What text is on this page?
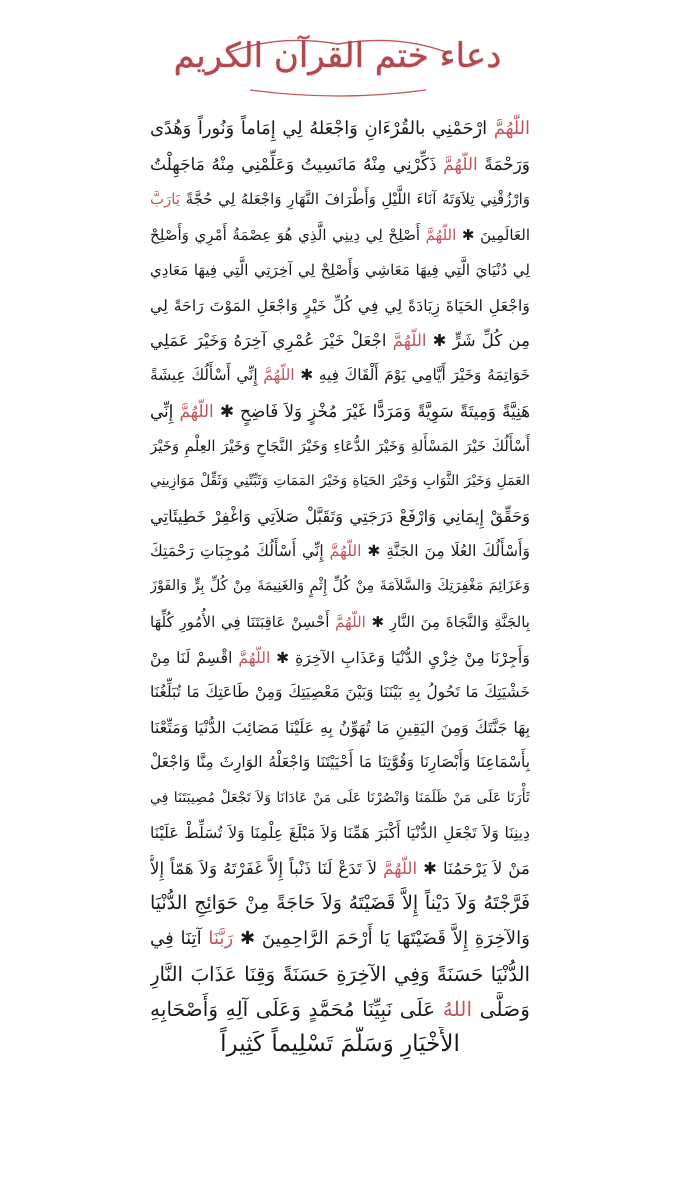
دعاء ختم القرآن الكريم
اللّهُمَّ ارْحَمْنِي بالقُرْءَانِ وَاجْعَلهُ لِي إِمَاماً وَنُوراً وَهُدًى
وَرَحْمَةً اللّهُمَّ ذَكِّرْنِي مِنْهُ مَانَسِيتُ وَعَلِّمْنِي مِنْهُ مَاجَهِلْتُ
وَارْزُقْنِي تِلاَوَتَهُ آنَاءَ اللَّيْلِ وَأَطْرَافَ النَّهَارِ وَاجْعَلهُ لِي حُجَّةً يَارَبَّ
العَالَمِينَ ✱ اللّهُمَّ أَصْلِحْ لِي دِينِي الَّذِي هُوَ عِصْمَةُ أَمْرِي وَأَصْلِحْ
لِي دُنْيَايَ الَّتِي فِيهَا مَعَاشِي وَأَصْلِحْ لِي آخِرَتِي الَّتِي فِيهَا مَعَادِي
وَاجْعَلِ الحَيَاةَ زِيَادَةً لِي فِي كُلِّ خَيْرٍ وَاجْعَلِ المَوْتَ رَاحَةً لِي
مِن كُلِّ شَرٍّ ✱ اللّهُمَّ اجْعَلْ خَيْرَ عُمْرِي آخِرَهُ وَخَيْرَ عَمَلِي
خَوَاتِمَهُ وَخَيْرَ أَيَّامِي يَوْمَ أَلْقَاكَ فِيهِ ✱ اللّهُمَّ إِنِّي أَسْأَلُكَ عِيشَةً
هَنِيَّةً وَمِيتَةً سَوِيَّةً وَمَرَدًّا غَيْرَ مُخْزٍ وَلاَ فَاضِحٍ ✱ اللّهُمَّ إِنِّي
أَسْأَلُكَ خَيْرَ المَسْأَلةِ وَخَيْرَ الدُّعَاءِ وَخَيْرَ النَّجَاحِ وَخَيْرَ العِلْمِ وَخَيْرَ
العَمَلِ وَخَيْرَ الثَّوَابِ وَخَيْرَ الحَيَاةِ وَخَيْرَ المَمَاتِ وَثَبِّتْنِي وَثَقِّلْ مَوَازِينِي
وَحَقِّقْ إِيمَانِي وَارْفَعْ دَرَجَتِي وَتَقَبَّلْ صَلاَتِي وَاغْفِرْ خَطِيئَاتِي
وَأَسْأَلُكَ العُلَا مِنَ الجَنَّةِ ✱ اللّهُمَّ إِنِّي أَسْأَلُكَ مُوجِبَاتِ رَحْمَتِكَ
وَعَزَائِمَ مَغْفِرَتِكَ وَالسَّلاَمَةَ مِنْ كُلِّ إِثْمٍ وَالغَنِيمَةَ مِنْ كُلِّ بِرٍّ وَالفَوْزَ
بِالجَنَّةِ وَالنَّجَاةَ مِنَ النَّارِ ✱ اللّهُمَّ أَحْسِنْ عَاقِبَتَنَا فِي الأُمُورِ كُلِّهَا
وَأَجِرْنَا مِنْ خِزْيِ الدُّنْيَا وَعَذَابِ الآخِرَةِ ✱ اللّهُمَّ اقْسِمْ لَنَا مِنْ
خَشْيَتِكَ مَا تَحُولُ بِهِ بَيْنَنَا وَبَيْنَ مَعْصِيَتِكَ وَمِنْ طَاعَتِكَ مَا تُبَلِّغُنَا
بِهَا جَنَّتَكَ وَمِنَ اليَقِينِ مَا تُهَوِّنُ بِهِ عَلَيْنَا مَصَائِبَ الدُّنْيَا وَمَتِّعْنَا
بِأَسْمَاعِنَا وَأَبْصَارِنَا وَقُوَّتِنَا مَا أَحْيَيْتَنَا وَاجْعَلْهُ الوَارِثَ مِنَّا وَاجْعَلْ
ثَأْرَنَا عَلَى مَنْ ظَلَمَنَا وَانْصُرْنَا عَلَى مَنْ عَادَانَا وَلاَ تَجْعَلْ مُصِيبَتَنَا فِي
دِينِنَا وَلاَ تَجْعَلِ الدُّنْيَا أَكْبَرَ هَمِّنَا وَلاَ مَبْلَغَ عِلْمِنَا وَلاَ تُسَلِّطْ عَلَيْنَا
مَنْ لاَ يَرْحَمُنَا ✱ اللّهُمَّ لاَ تَدَعْ لَنَا ذَنْباً إِلاَّ غَفَرْتَهُ وَلاَ هَمّاً إِلاَّ
فَرَّجْتَهُ وَلاَ دَيْناً إِلاَّ قَضَيْتَهُ وَلاَ حَاجَةً مِنْ حَوَائِجِ الدُّنْيَا
وَالآخِرَةِ إِلاَّ قَضَيْتَهَا يَا أَرْحَمَ الرَّاحِمِينَ ✱ رَبَّنَا آتِنَا فِي
الدُّنْيَا حَسَنَةً وَفِي الآخِرَةِ حَسَنَةً وَقِنَا عَذَابَ النَّارِ
وَصَلَّى اللهُ عَلَى نَبِيِّنَا مُحَمَّدٍ وَعَلَى آلِهِ وَأَصْحَابِهِ
الأَخْيَارِ وَسَلَّمَ تَسْلِيماً كَثِيراً
